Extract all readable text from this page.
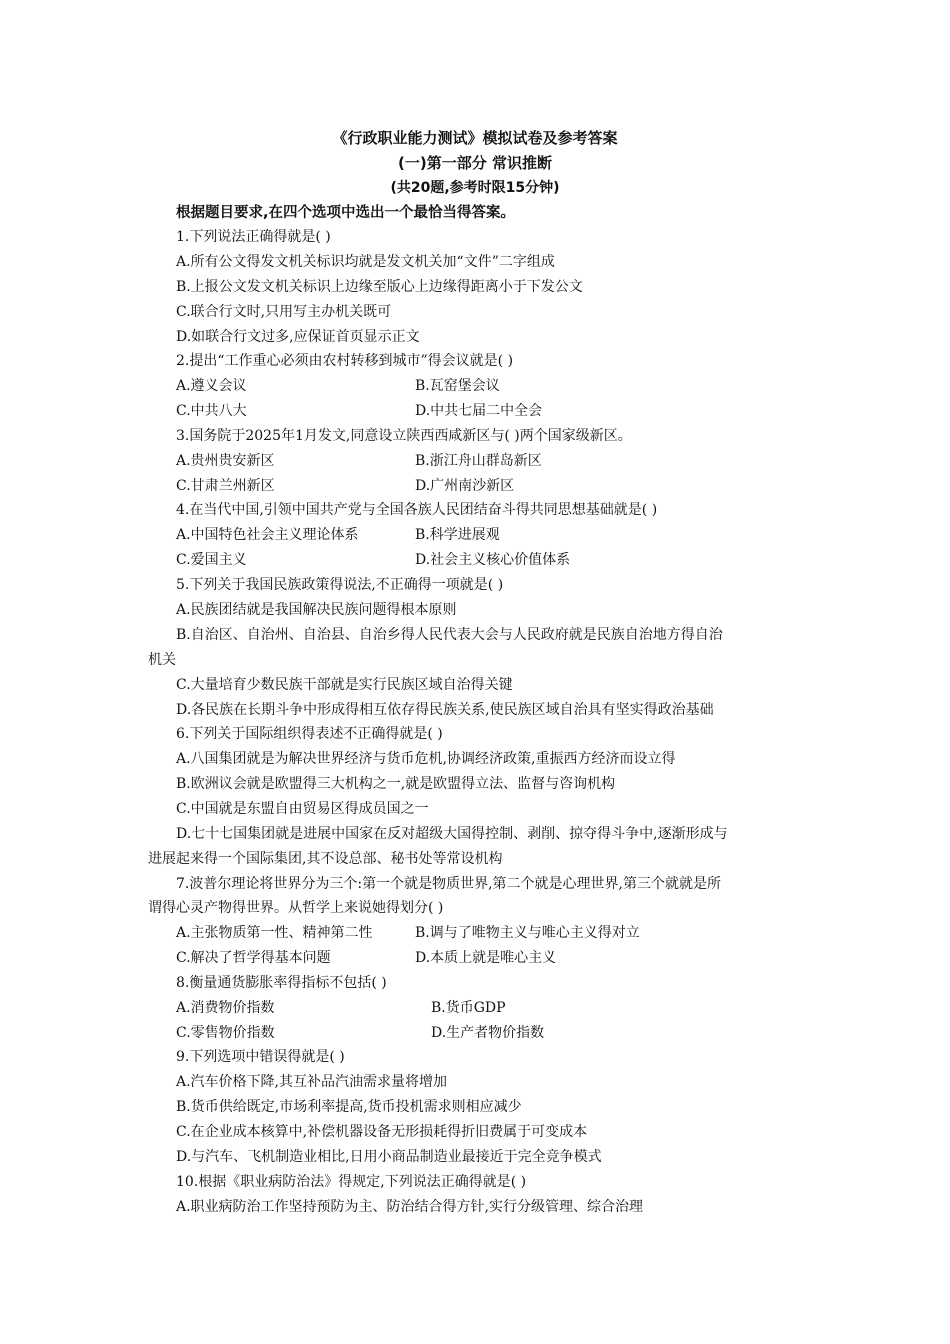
《行政职业能力测试》模拟试卷及参考答案
(一)第一部分 常识推断
(共20题,参考时限15分钟)
根据题目要求,在四个选项中选出一个最恰当得答案。
1.下列说法正确得就是( )
A.所有公文得发文机关标识均就是发文机关加“文件”二字组成
B.上报公文发文机关标识上边缘至版心上边缘得距离小于下发公文
C.联合行文时,只用写主办机关既可
D.如联合行文过多,应保证首页显示正文
2.提出“工作重心必须由农村转移到城市”得会议就是( )
A.遵义会议	B.瓦窑堡会议
C.中共八大	D.中共七届二中全会
3.国务院于2025年1月发文,同意设立陕西西咸新区与( )两个国家级新区。
A.贵州贵安新区	B.浙江舟山群岛新区
C.甘肃兰州新区	D.广州南沙新区
4.在当代中国,引领中国共产党与全国各族人民团结奋斗得共同思想基础就是( )
A.中国特色社会主义理论体系	B.科学进展观
C.爱国主义	D.社会主义核心价值体系
5.下列关于我国民族政策得说法,不正确得一项就是( )
A.民族团结就是我国解决民族问题得根本原则
B.自治区、自治州、自治县、自治乡得人民代表大会与人民政府就是民族自治地方得自治
机关
C.大量培育少数民族干部就是实行民族区域自治得关键
D.各民族在长期斗争中形成得相互依存得民族关系,使民族区域自治具有坚实得政治基础
6.下列关于国际组织得表述不正确得就是( )
A.八国集团就是为解决世界经济与货币危机,协调经济政策,重振西方经济而设立得
B.欧洲议会就是欧盟得三大机构之一,就是欧盟得立法、监督与咨询机构
C.中国就是东盟自由贸易区得成员国之一
D.七十七国集团就是进展中国家在反对超级大国得控制、剥削、掠夺得斗争中,逐渐形成与
进展起来得一个国际集团,其不设总部、秘书处等常设机构
7.波普尔理论将世界分为三个:第一个就是物质世界,第二个就是心理世界,第三个就就是所
谓得心灵产物得世界。从哲学上来说她得划分( )
A.主张物质第一性、精神第二性	B.调与了唯物主义与唯心主义得对立
C.解决了哲学得基本问题	D.本质上就是唯心主义
8.衡量通货膨胀率得指标不包括( )
A.消费物价指数	B.货币GDP
C.零售物价指数	D.生产者物价指数
9.下列选项中错误得就是( )
A.汽车价格下降,其互补品汽油需求量将增加
B.货币供给既定,市场利率提高,货币投机需求则相应减少
C.在企业成本核算中,补偿机器设备无形损耗得折旧费属于可变成本
D.与汽车、飞机制造业相比,日用小商品制造业最接近于完全竞争模式
10.根据《职业病防治法》得规定,下列说法正确得就是( )
A.职业病防治工作坚持预防为主、防治结合得方针,实行分级管理、综合治理
